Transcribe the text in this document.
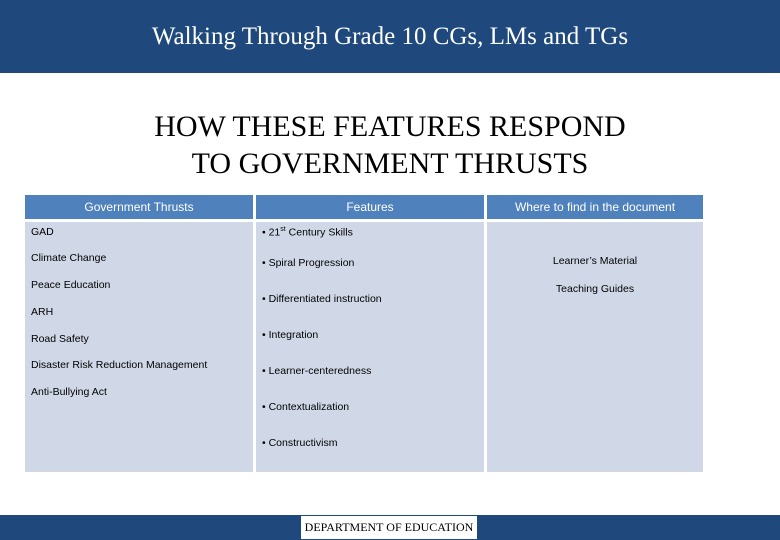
Walking Through Grade 10 CGs, LMs and TGs
HOW THESE FEATURES RESPOND
TO GOVERNMENT THRUSTS
Government Thrusts	Features	Where to find in the document
GAD
Climate Change
Peace Education
ARH
Road Safety
Disaster Risk Reduction Management
Anti-Bullying Act
• 21st Century Skills
• Spiral Progression
• Differentiated instruction
• Integration
• Learner-centeredness
• Contextualization
• Constructivism
Learner’s Material
Teaching Guides
DEPARTMENT OF EDUCATION
